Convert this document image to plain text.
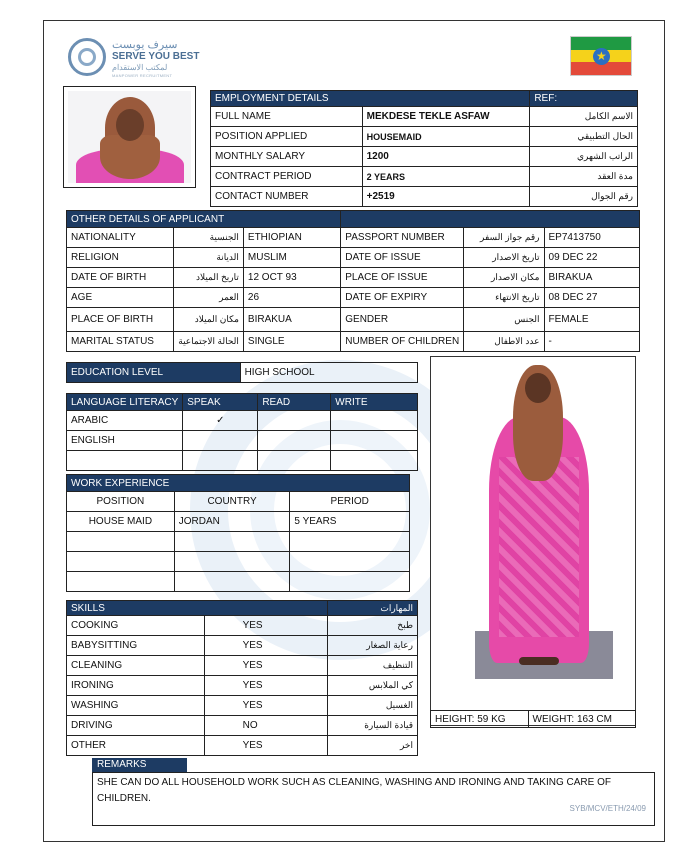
سيرف يوبست
SERVE YOU BEST
لمكتب الاستقدام
MANPOWER RECRUITMENT
★
EMPLOYMENT DETAILS		REF:
FULL NAME	MEKDESE TEKLE ASFAW	الاسم الكامل
POSITION APPLIED	HOUSEMAID	الحال التطبيقي
MONTHLY SALARY	1200	الراتب الشهري
CONTRACT PERIOD	2 YEARS	مدة العقد
CONTACT NUMBER	+2519	رقم الجوال
OTHER DETAILS OF APPLICANT					
NATIONALITY	الجنسية	ETHIOPIAN	PASSPORT NUMBER	رقم جواز السفر	EP7413750
RELIGION	الديانة	MUSLIM	DATE OF ISSUE	تاريخ الاصدار	09 DEC 22
DATE OF BIRTH	تاريخ الميلاد	12 OCT 93	PLACE OF ISSUE	مكان الاصدار	BIRAKUA
AGE	العمر	26	DATE OF EXPIRY	تاريخ الانتهاء	08 DEC 27
PLACE OF BIRTH	مكان الميلاد	BIRAKUA	GENDER	الجنس	FEMALE
MARITAL STATUS	الحالة الاجتماعية	SINGLE	NUMBER OF CHILDREN	عدد الاطفال	-
EDUCATION LEVEL	HIGH SCHOOL
LANGUAGE LITERACY	SPEAK	READ	WRITE
ARABIC	✓		
ENGLISH			

WORK EXPERIENCE		
POSITION	COUNTRY	PERIOD
HOUSE MAID	JORDAN	5 YEARS

SKILLS		المهارات
COOKING	YES	طبخ
BABYSITTING	YES	رعاية الصغار
CLEANING	YES	التنظيف
IRONING	YES	كي الملابس
WASHING	YES	الغسيل
DRIVING	NO	قيادة السيارة
OTHER	YES	اخر
HEIGHT: 59 KG	WEIGHT: 163 CM
REMARKS
SHE CAN DO ALL HOUSEHOLD WORK SUCH AS CLEANING, WASHING AND IRONING AND TAKING CARE OF CHILDREN.
SYB/MCV/ETH/24/09
